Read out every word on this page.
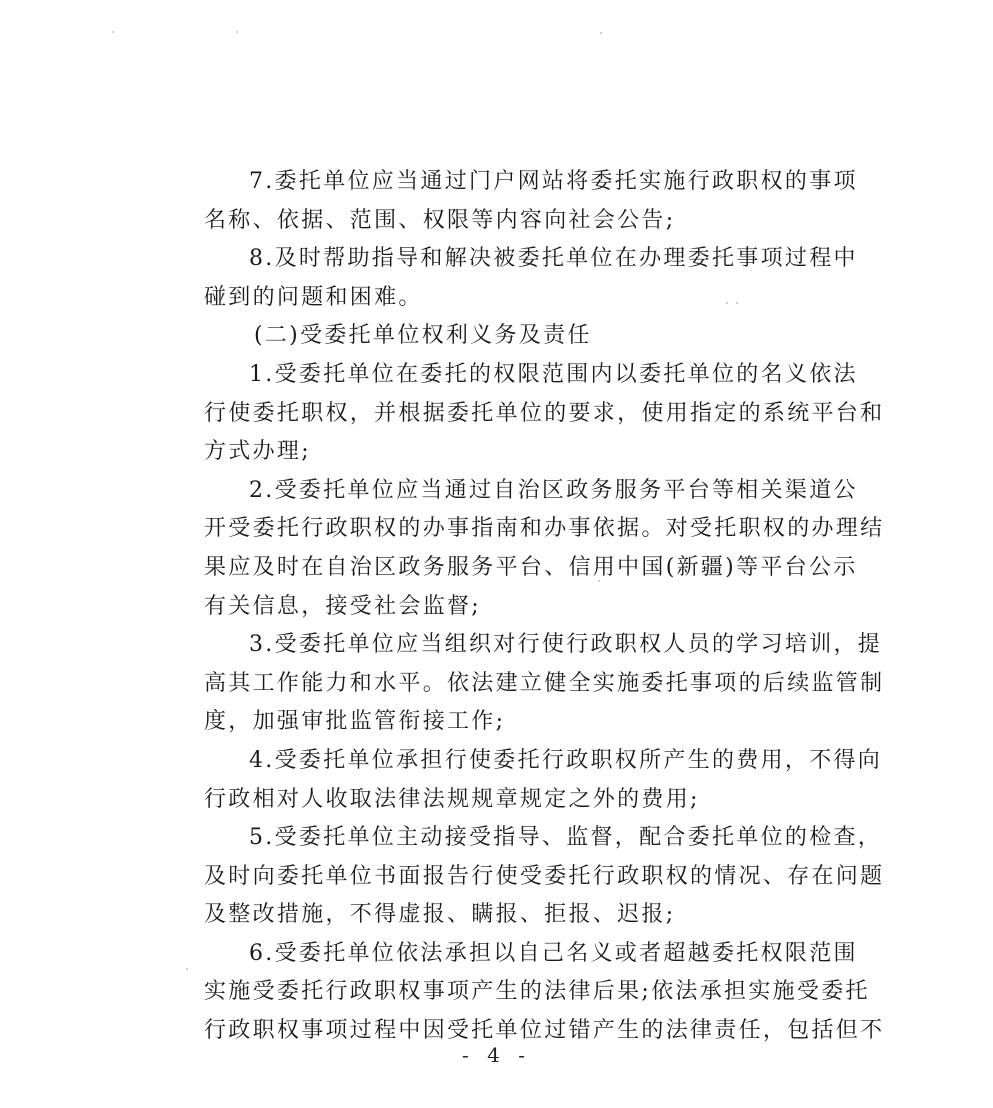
7.委托单位应当通过门户网站将委托实施行政职权的事项
名称、依据、范围、权限等内容向社会公告;
8.及时帮助指导和解决被委托单位在办理委托事项过程中
碰到的问题和困难。
(二)受委托单位权利义务及责任
1.受委托单位在委托的权限范围内以委托单位的名义依法
行使委托职权，并根据委托单位的要求，使用指定的系统平台和
方式办理;
2.受委托单位应当通过自治区政务服务平台等相关渠道公
开受委托行政职权的办事指南和办事依据。对受托职权的办理结
果应及时在自治区政务服务平台、信用中国(新疆)等平台公示
有关信息，接受社会监督;
3.受委托单位应当组织对行使行政职权人员的学习培训，提
高其工作能力和水平。依法建立健全实施委托事项的后续监管制
度，加强审批监管衔接工作;
4.受委托单位承担行使委托行政职权所产生的费用，不得向
行政相对人收取法律法规规章规定之外的费用;
5.受委托单位主动接受指导、监督，配合委托单位的检查，
及时向委托单位书面报告行使受委托行政职权的情况、存在问题
及整改措施，不得虚报、瞒报、拒报、迟报;
6.受委托单位依法承担以自己名义或者超越委托权限范围
实施受委托行政职权事项产生的法律后果;依法承担实施受委托
行政职权事项过程中因受托单位过错产生的法律责任，包括但不
- 4 -
